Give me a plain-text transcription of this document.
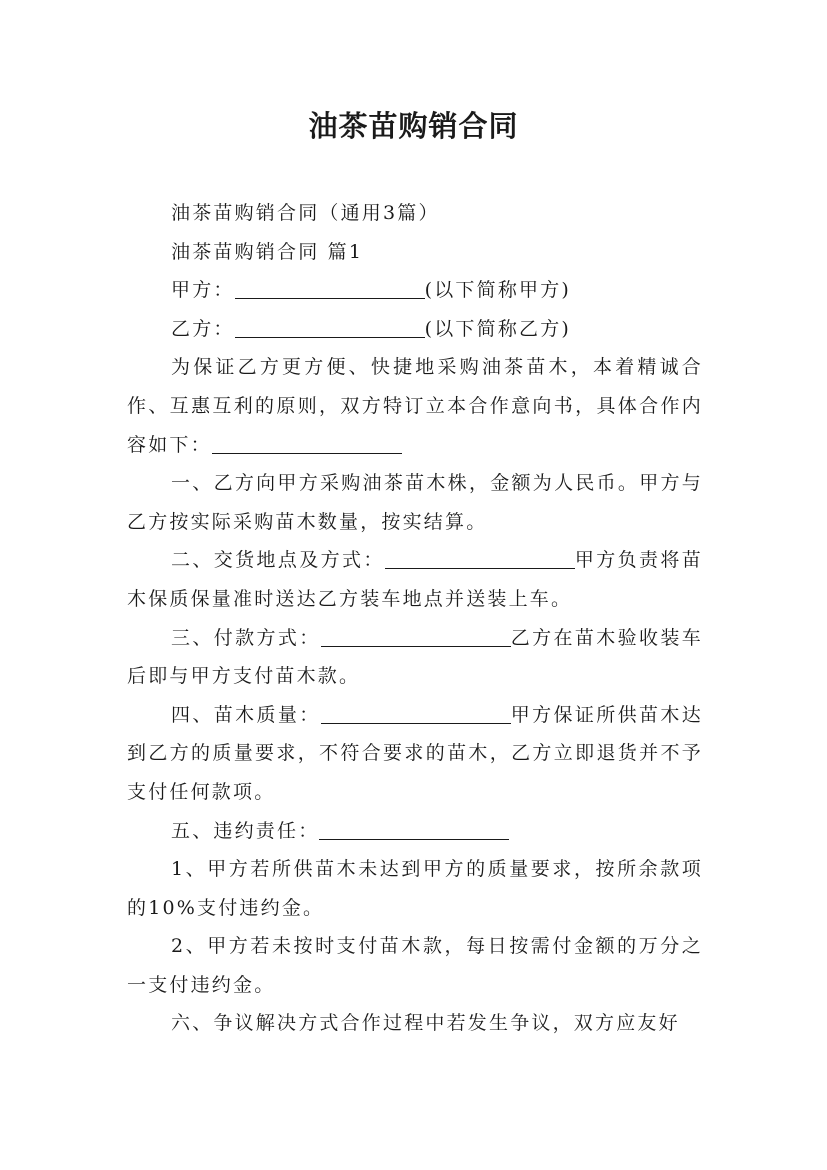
油茶苗购销合同

油茶苗购销合同（通用3篇）

油茶苗购销合同 篇1

甲方：	(以下简称甲方)

乙方：	(以下简称乙方)

为保证乙方更方便、快捷地采购油茶苗木，本着精诚合作、互惠互利的原则，双方特订立本合作意向书，具体合作内容如下：

一、乙方向甲方采购油茶苗木株，金额为人民币。甲方与乙方按实际采购苗木数量，按实结算。

二、交货地点及方式：	甲方负责将苗木保质保量准时送达乙方装车地点并送装上车。

三、付款方式：	乙方在苗木验收装车后即与甲方支付苗木款。

四、苗木质量：	甲方保证所供苗木达到乙方的质量要求，不符合要求的苗木，乙方立即退货并不予支付任何款项。

五、违约责任：

1、甲方若所供苗木未达到甲方的质量要求，按所余款项的10%支付违约金。

2、甲方若未按时支付苗木款，每日按需付金额的万分之一支付违约金。

六、争议解决方式合作过程中若发生争议，双方应友好
